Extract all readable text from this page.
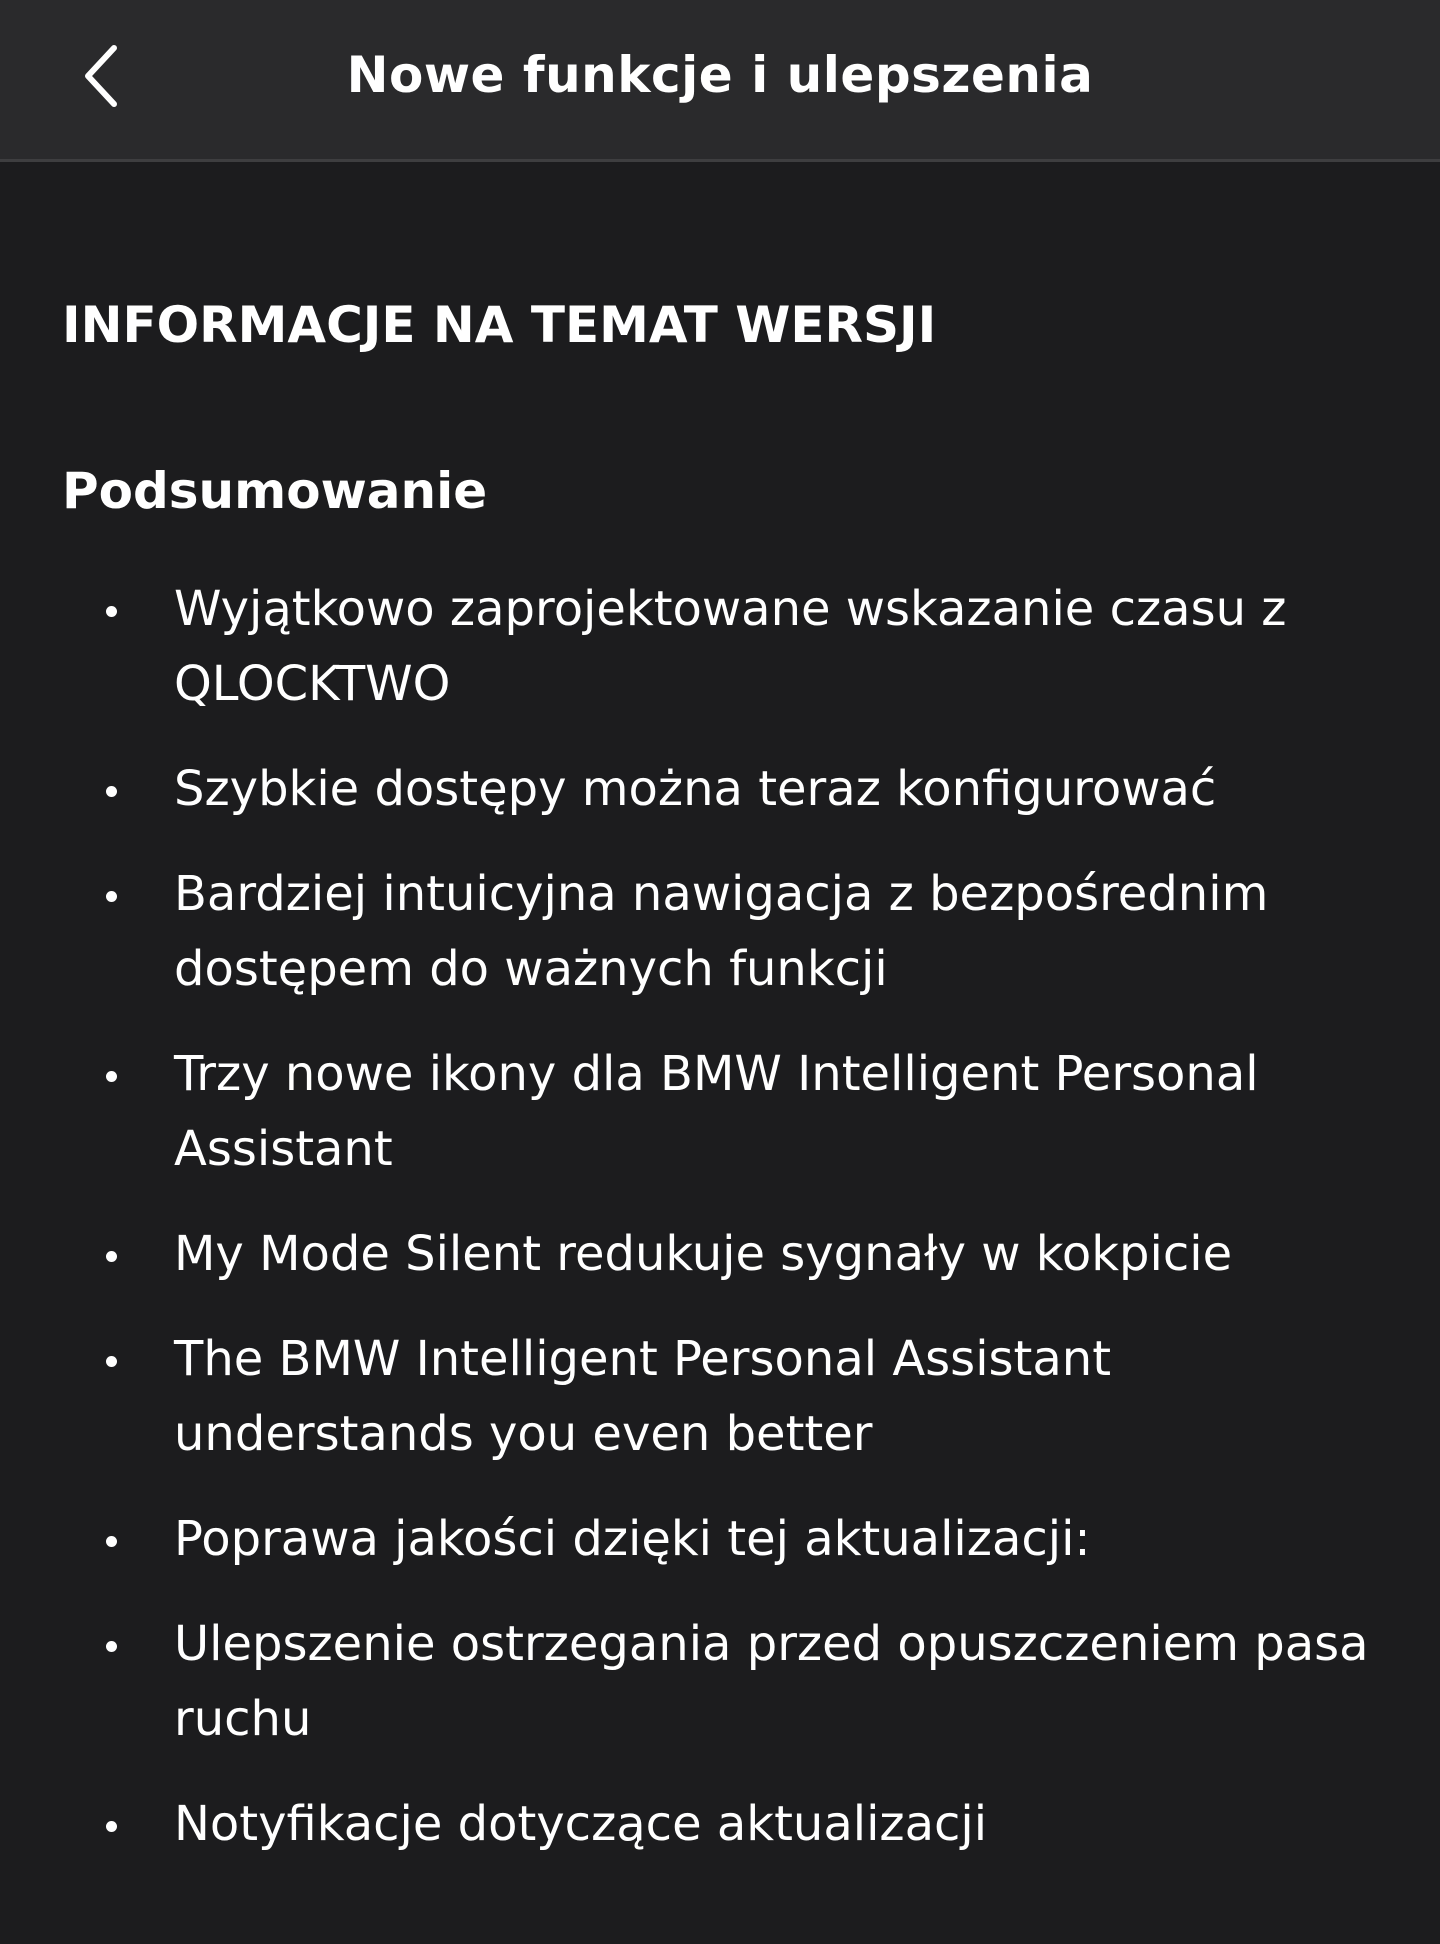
Nowe funkcje i ulepszenia
INFORMACJE NA TEMAT WERSJI
Podsumowanie
Wyjątkowo zaprojektowane wskazanie czasu z QLOCKTWO
Szybkie dostępy można teraz konfigurować
Bardziej intuicyjna nawigacja z bezpośrednim dostępem do ważnych funkcji
Trzy nowe ikony dla BMW Intelligent Personal Assistant
My Mode Silent redukuje sygnały w kokpicie
The BMW Intelligent Personal Assistant understands you even better
Poprawa jakości dzięki tej aktualizacji:
Ulepszenie ostrzegania przed opuszczeniem pasa ruchu
Notyfikacje dotyczące aktualizacji
